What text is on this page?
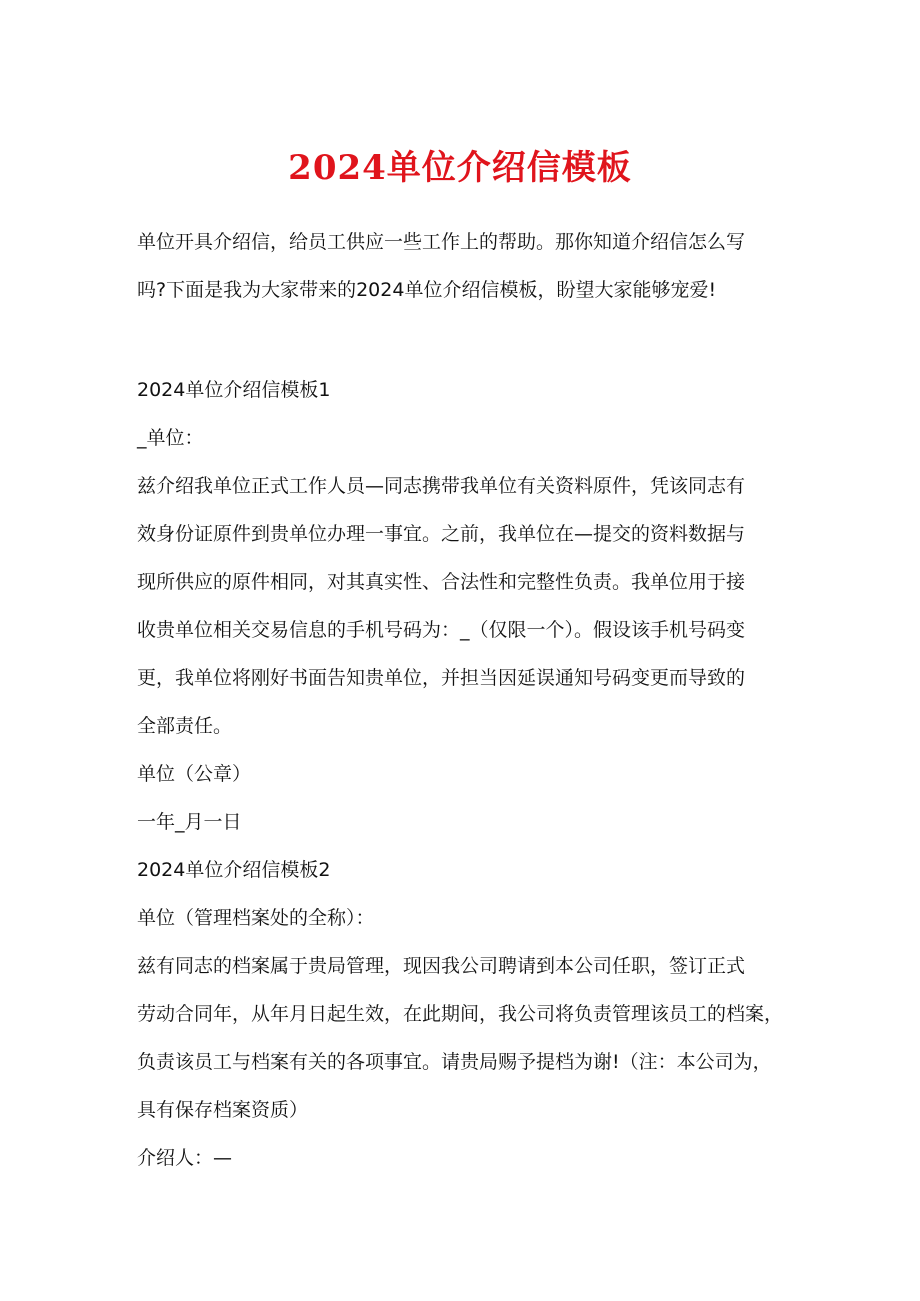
2024单位介绍信模板
单位开具介绍信，给员工供应一些工作上的帮助。那你知道介绍信怎么写
吗?下面是我为大家带来的2024单位介绍信模板，盼望大家能够宠爱!
2024单位介绍信模板1
_单位：
兹介绍我单位正式工作人员—同志携带我单位有关资料原件，凭该同志有
效身份证原件到贵单位办理一事宜。之前，我单位在—提交的资料数据与
现所供应的原件相同，对其真实性、合法性和完整性负责。我单位用于接
收贵单位相关交易信息的手机号码为：_（仅限一个）。假设该手机号码变
更，我单位将刚好书面告知贵单位，并担当因延误通知号码变更而导致的
全部责任。
单位（公章）
一年_月一日
2024单位介绍信模板2
单位（管理档案处的全称）：
兹有同志的档案属于贵局管理，现因我公司聘请到本公司任职，签订正式
劳动合同年，从年月日起生效，在此期间，我公司将负责管理该员工的档案，
负责该员工与档案有关的各项事宜。请贵局赐予提档为谢!（注：本公司为，
具有保存档案资质）
介绍人：—
